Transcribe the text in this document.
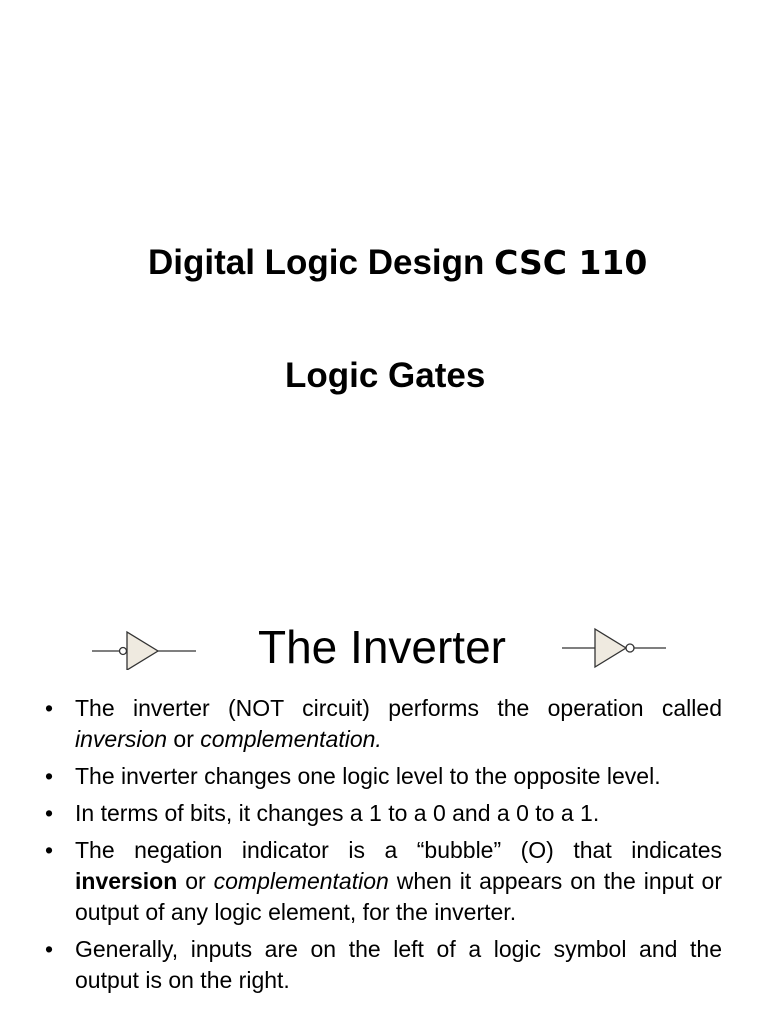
Digital Logic Design CSC 110
Logic Gates
The Inverter
• The inverter (NOT circuit) performs the operation called inversion or complementation.
• The inverter changes one logic level to the opposite level.
• In terms of bits, it changes a 1 to a 0 and a 0 to a 1.
• The negation indicator is a “bubble” (O) that indicates inversion or complementation when it appears on the input or output of any logic element, for the inverter.
• Generally, inputs are on the left of a logic symbol and the output is on the right.
